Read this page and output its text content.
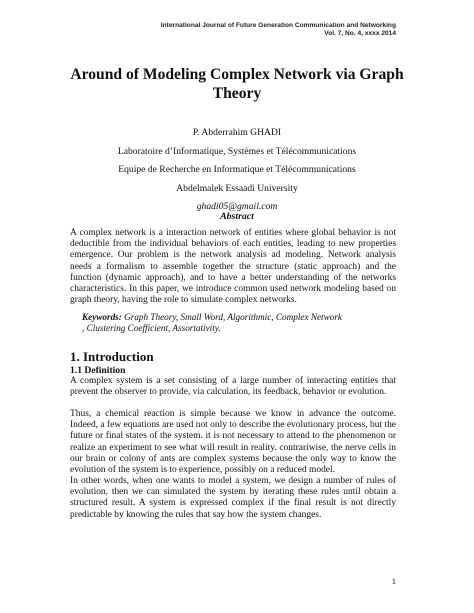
International Journal of Future Generation Communication and Networking
Vol. 7, No. 4, xxxx 2014
Around of Modeling Complex Network via Graph Theory
P. Abderrahim GHADI
Laboratoire d’Informatique, Systèmes et Télécommunications
Equipe de Recherche en Informatique et Télécommunications
Abdelmalek Essaadi University
ghadi05@gmail.com
Abstract

A complex network is a interaction network of entities where global behavior is not deductible from the individual behaviors of each entities, leading to new properties emergence. Our problem is the network analysis ad modeling. Network analysis needs a formalism to assemble together the structure (static approach) and the function (dynamic approach), and to have a better understanding of the networks characteristics. In this paper, we introduce common used network modeling based on graph theory, having the role to simulate complex networks.

Keywords: Graph Theory, Small Word, Algorithmic, Complex Network , Clustering Coefficient, Assortativity.

1. Introduction
1.1 Definition

A complex system is a set consisting of a large number of interacting entities that prevent the observer to provide, via calculation, its feedback, behavior or evolution.

Thus, a chemical reaction is simple because we know in advance the outcome. Indeed, a few equations are used not only to describe the evolutionary process, but the future or final states of the system. it is not necessary to attend to the phenomenon or realize an experiment to see what will result in reality. contrariwise, the nerve cells in our brain or colony of ants are complex systems because the only way to know the evolution of the system is to experience, possibly on a reduced model.

In other words, when one wants to model a system, we design a number of rules of evolution, then we can simulated the system by iterating these rules until obtain a structured result. A system is expressed complex if the final result is not directly predictable by knowing the rules that say how the system changes.

1
